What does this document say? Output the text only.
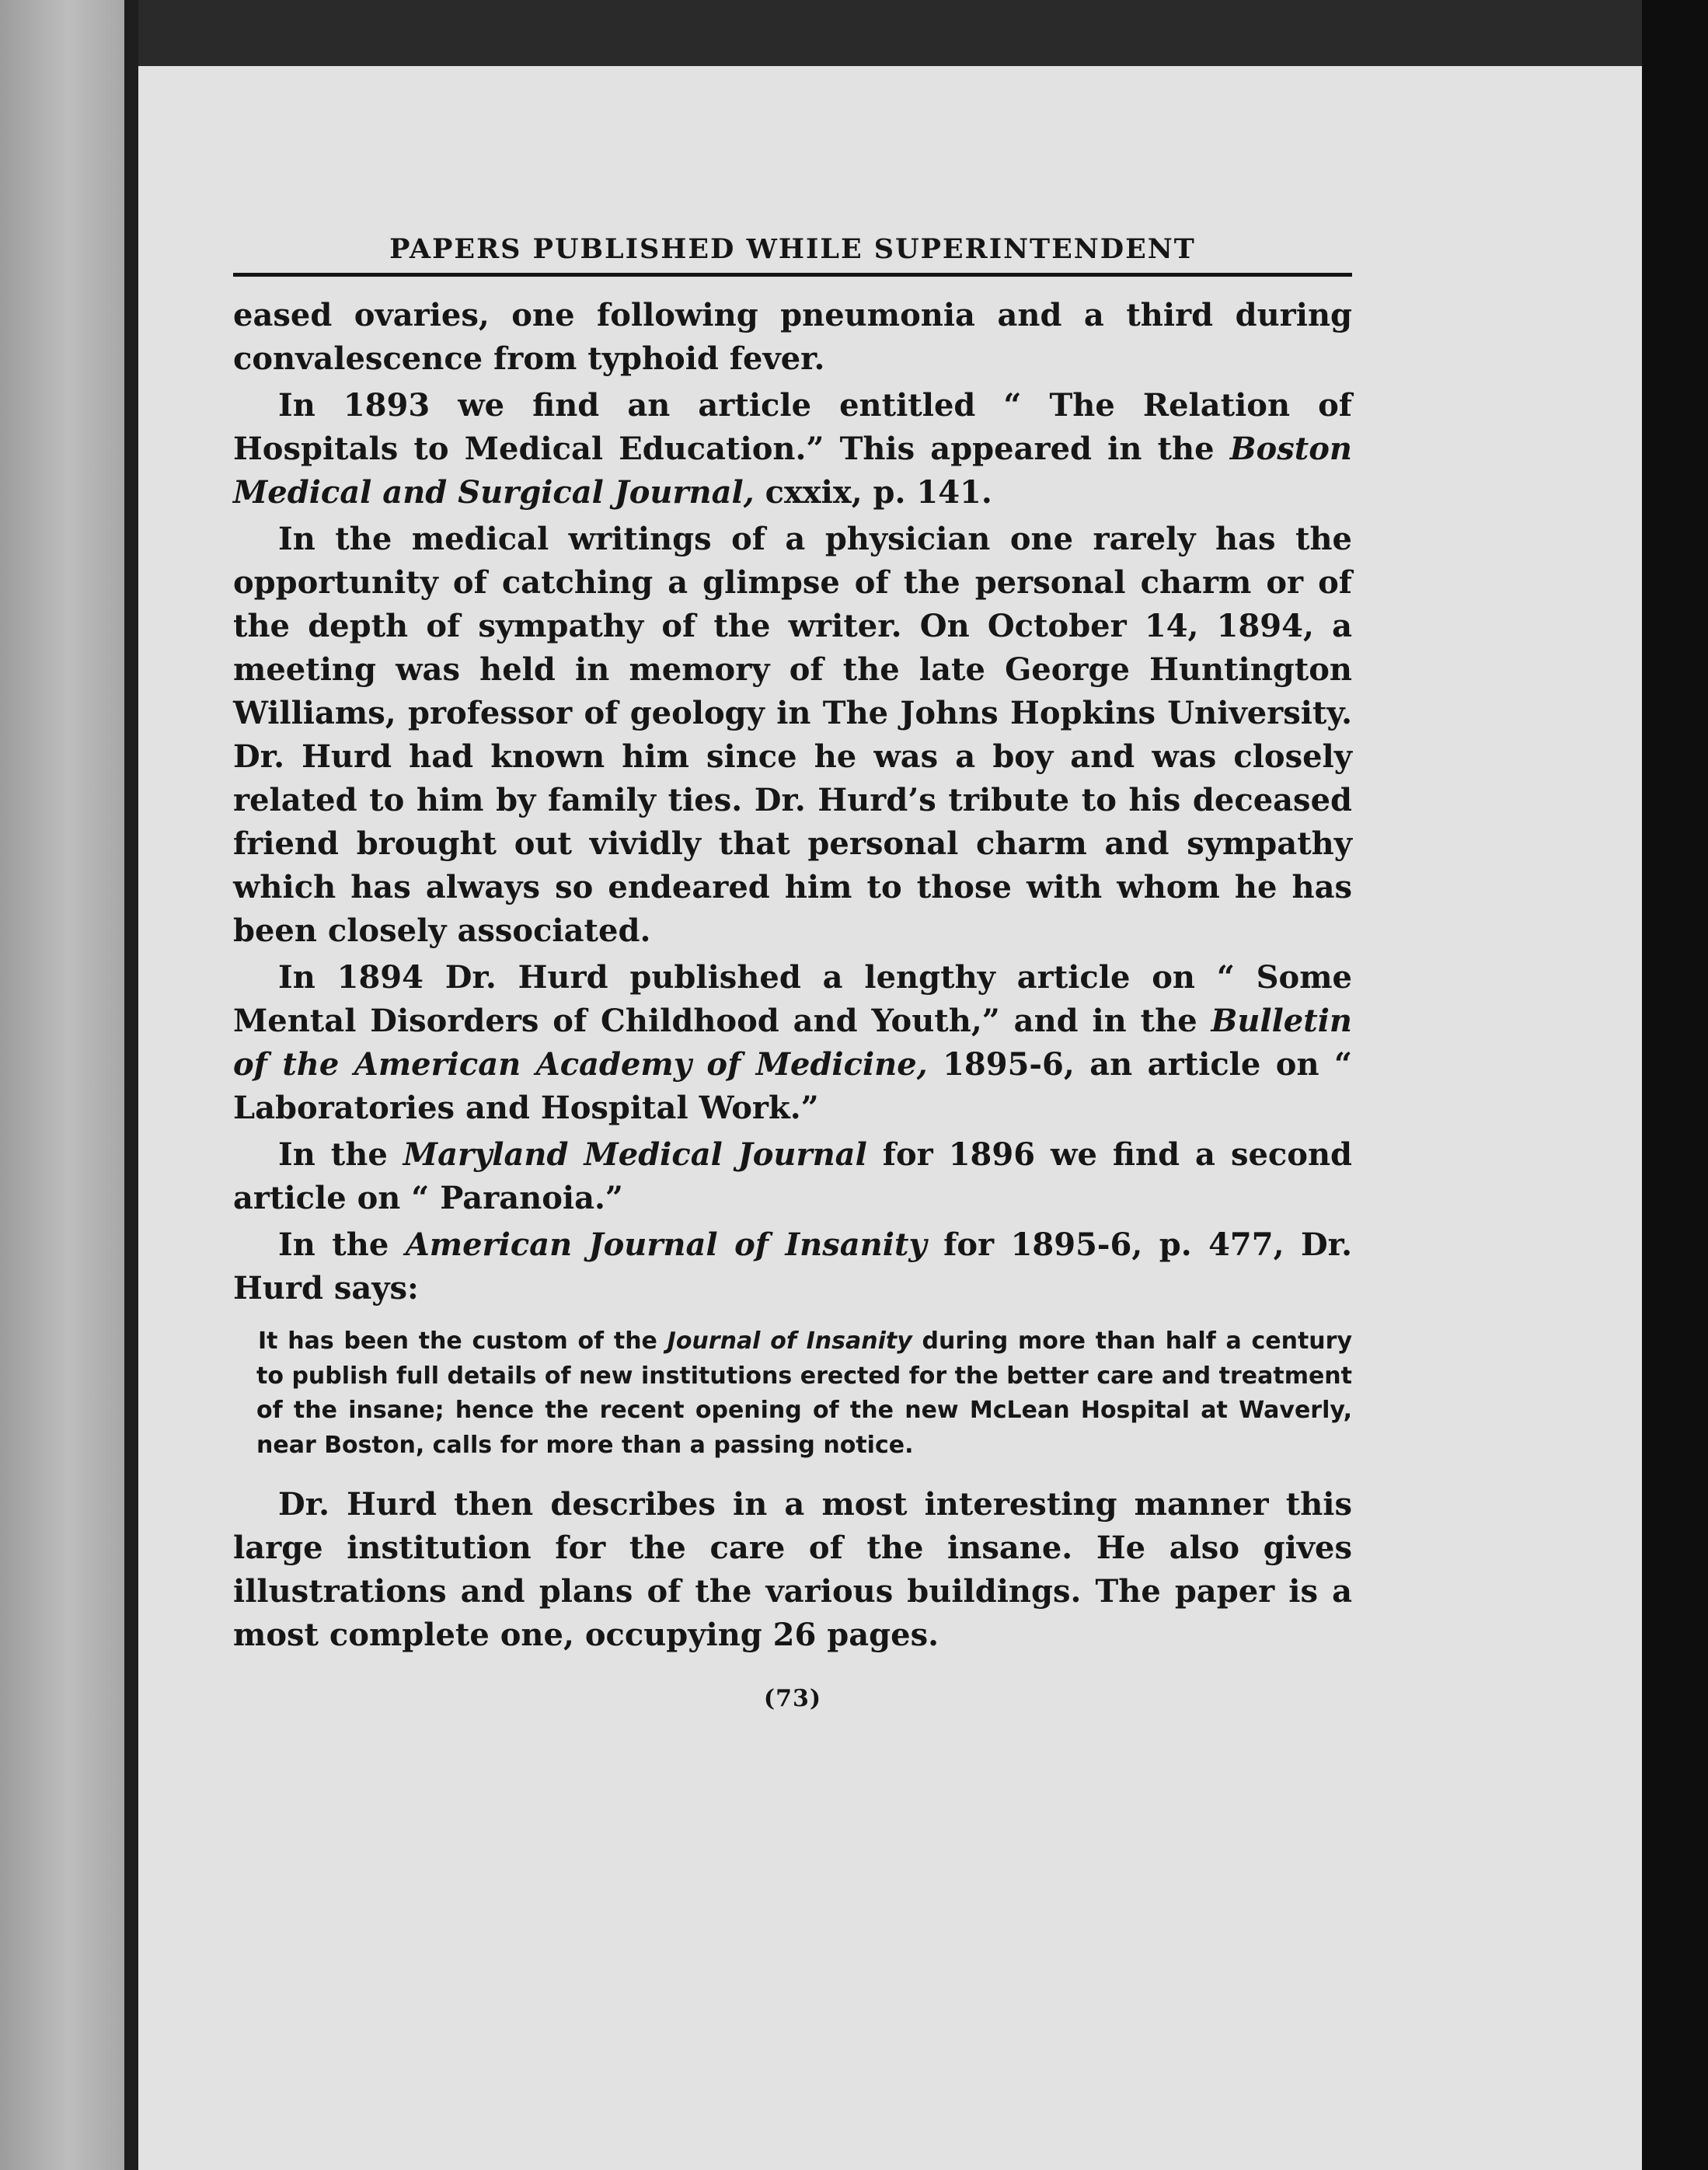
PAPERS PUBLISHED WHILE SUPERINTENDENT

eased ovaries, one following pneumonia and a third during convalescence from typhoid fever.

In 1893 we find an article entitled “ The Relation of Hospitals to Medical Education.” This appeared in the Boston Medical and Surgical Journal, cxxix, p. 141.

In the medical writings of a physician one rarely has the opportunity of catching a glimpse of the personal charm or of the depth of sympathy of the writer. On October 14, 1894, a meeting was held in memory of the late George Huntington Williams, professor of geology in The Johns Hopkins University. Dr. Hurd had known him since he was a boy and was closely related to him by family ties. Dr. Hurd’s tribute to his deceased friend brought out vividly that personal charm and sympathy which has always so endeared him to those with whom he has been closely associated.

In 1894 Dr. Hurd published a lengthy article on “ Some Mental Disorders of Childhood and Youth,” and in the Bulletin of the American Academy of Medicine, 1895-6, an article on “ Laboratories and Hospital Work.”

In the Maryland Medical Journal for 1896 we find a second article on “ Paranoia.”

In the American Journal of Insanity for 1895-6, p. 477, Dr. Hurd says:

It has been the custom of the Journal of Insanity during more than half a century to publish full details of new institutions erected for the better care and treatment of the insane; hence the recent opening of the new McLean Hospital at Waverly, near Boston, calls for more than a passing notice.

Dr. Hurd then describes in a most interesting manner this large institution for the care of the insane. He also gives illustrations and plans of the various buildings. The paper is a most complete one, occupying 26 pages.

(73)
